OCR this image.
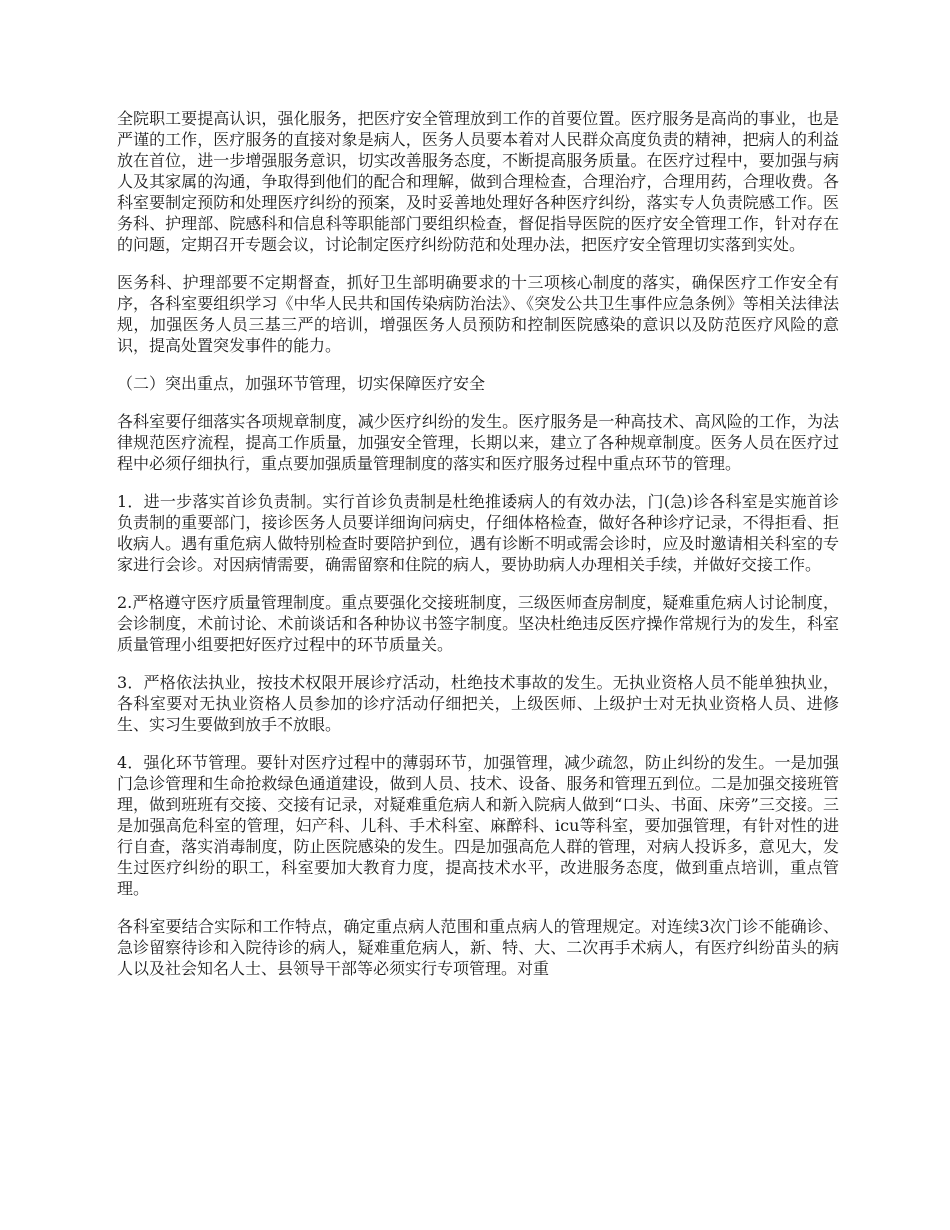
全院职工要提高认识，强化服务，把医疗安全管理放到工作的首要位置。医疗服务是高尚的事业，也是严谨的工作，医疗服务的直接对象是病人，医务人员要本着对人民群众高度负责的精神，把病人的利益放在首位，进一步增强服务意识，切实改善服务态度，不断提高服务质量。在医疗过程中，要加强与病人及其家属的沟通，争取得到他们的配合和理解，做到合理检查，合理治疗，合理用药，合理收费。各科室要制定预防和处理医疗纠纷的预案，及时妥善地处理好各种医疗纠纷，落实专人负责院感工作。医务科、护理部、院感科和信息科等职能部门要组织检查，督促指导医院的医疗安全管理工作，针对存在的问题，定期召开专题会议，讨论制定医疗纠纷防范和处理办法，把医疗安全管理切实落到实处。

医务科、护理部要不定期督查，抓好卫生部明确要求的十三项核心制度的落实，确保医疗工作安全有序，各科室要组织学习《中华人民共和国传染病防治法》、《突发公共卫生事件应急条例》等相关法律法规，加强医务人员三基三严的培训，增强医务人员预防和控制医院感染的意识以及防范医疗风险的意识，提高处置突发事件的能力。

（二）突出重点，加强环节管理，切实保障医疗安全

各科室要仔细落实各项规章制度，减少医疗纠纷的发生。医疗服务是一种高技术、高风险的工作，为法律规范医疗流程，提高工作质量，加强安全管理，长期以来，建立了各种规章制度。医务人员在医疗过程中必须仔细执行，重点要加强质量管理制度的落实和医疗服务过程中重点环节的管理。

1．进一步落实首诊负责制。实行首诊负责制是杜绝推诿病人的有效办法，门(急)诊各科室是实施首诊负责制的重要部门，接诊医务人员要详细询问病史，仔细体格检查，做好各种诊疗记录，不得拒看、拒收病人。遇有重危病人做特别检查时要陪护到位，遇有诊断不明或需会诊时，应及时邀请相关科室的专家进行会诊。对因病情需要，确需留察和住院的病人，要协助病人办理相关手续，并做好交接工作。

2.严格遵守医疗质量管理制度。重点要强化交接班制度，三级医师查房制度，疑难重危病人讨论制度，会诊制度，术前讨论、术前谈话和各种协议书签字制度。坚决杜绝违反医疗操作常规行为的发生，科室质量管理小组要把好医疗过程中的环节质量关。

3．严格依法执业，按技术权限开展诊疗活动，杜绝技术事故的发生。无执业资格人员不能单独执业，各科室要对无执业资格人员参加的诊疗活动仔细把关，上级医师、上级护士对无执业资格人员、进修生、实习生要做到放手不放眼。

4．强化环节管理。要针对医疗过程中的薄弱环节，加强管理，减少疏忽，防止纠纷的发生。一是加强门急诊管理和生命抢救绿色通道建设，做到人员、技术、设备、服务和管理五到位。二是加强交接班管理，做到班班有交接、交接有记录，对疑难重危病人和新入院病人做到“口头、书面、床旁”三交接。三是加强高危科室的管理，妇产科、儿科、手术科室、麻醉科、icu等科室，要加强管理，有针对性的进行自查，落实消毒制度，防止医院感染的发生。四是加强高危人群的管理，对病人投诉多，意见大，发生过医疗纠纷的职工，科室要加大教育力度，提高技术水平，改进服务态度，做到重点培训，重点管理。

各科室要结合实际和工作特点，确定重点病人范围和重点病人的管理规定。对连续3次门诊不能确诊、急诊留察待诊和入院待诊的病人，疑难重危病人，新、特、大、二次再手术病人，有医疗纠纷苗头的病人以及社会知名人士、县领导干部等必须实行专项管理。对重
